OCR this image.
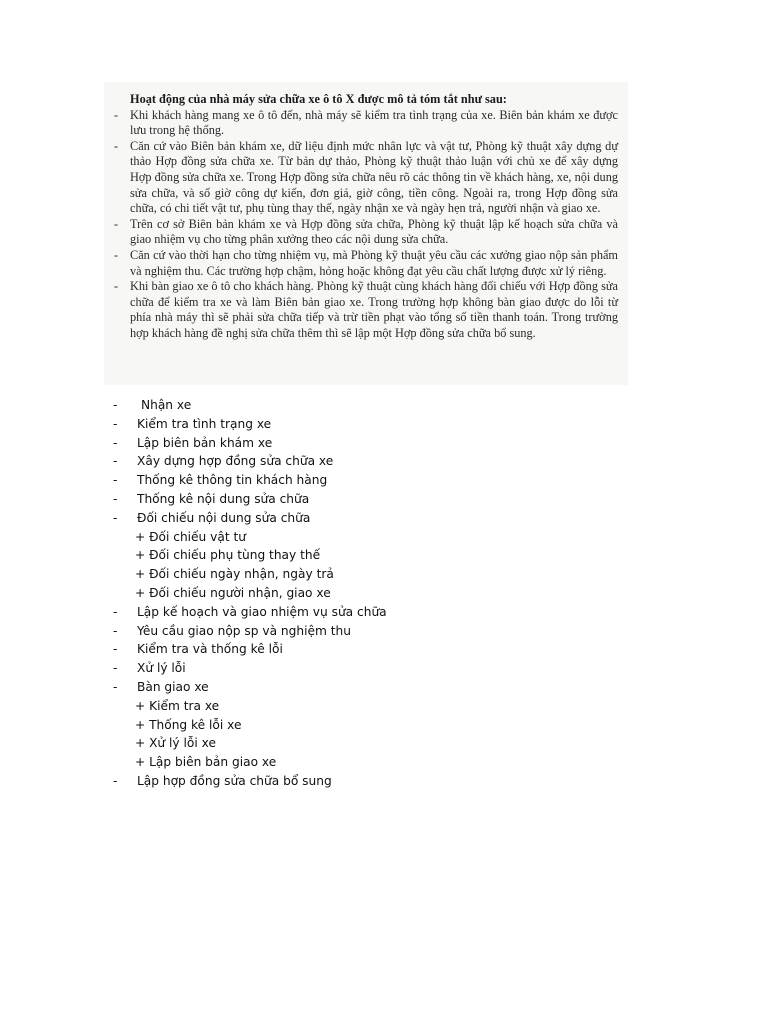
Hoạt động của nhà máy sửa chữa xe ô tô X được mô tả tóm tắt như sau:
- Khi khách hàng mang xe ô tô đến, nhà máy sẽ kiểm tra tình trạng của xe. Biên bản khám xe được lưu trong hệ thống.
- Căn cứ vào Biên bản khám xe, dữ liệu định mức nhân lực và vật tư, Phòng kỹ thuật xây dựng dự thảo Hợp đồng sửa chữa xe. Từ bản dự thảo, Phòng kỹ thuật thảo luận với chủ xe để xây dựng Hợp đồng sửa chữa xe. Trong Hợp đồng sửa chữa nêu rõ các thông tin về khách hàng, xe, nội dung sửa chữa, và số giờ công dự kiến, đơn giá, giờ công, tiền công. Ngoài ra, trong Hợp đồng sửa chữa, có chi tiết vật tư, phụ tùng thay thế, ngày nhận xe và ngày hẹn trả, người nhận và giao xe.
- Trên cơ sở Biên bản khám xe và Hợp đồng sửa chữa, Phòng kỹ thuật lập kế hoạch sửa chữa và giao nhiệm vụ cho từng phân xưởng theo các nội dung sửa chữa.
- Căn cứ vào thời hạn cho từng nhiệm vụ, mà Phòng kỹ thuật yêu cầu các xưởng giao nộp sản phẩm và nghiệm thu. Các trường hợp chậm, hỏng hoặc không đạt yêu cầu chất lượng được xử lý riêng.
- Khi bàn giao xe ô tô cho khách hàng. Phòng kỹ thuật cùng khách hàng đối chiếu với Hợp đồng sửa chữa để kiểm tra xe và làm Biên bản giao xe. Trong trường hợp không bàn giao được do lỗi từ phía nhà máy thì sẽ phải sửa chữa tiếp và trừ tiền phạt vào tổng số tiền thanh toán. Trong trường hợp khách hàng đề nghị sửa chữa thêm thì sẽ lập một Hợp đồng sửa chữa bổ sung.
- Nhận xe
- Kiểm tra tình trạng xe
- Lập biên bản khám xe
- Xây dựng hợp đồng sửa chữa xe
- Thống kê thông tin khách hàng
- Thống kê nội dung sửa chữa
- Đối chiếu nội dung sửa chữa
+ Đối chiếu vật tư
+ Đối chiếu phụ tùng thay thế
+ Đối chiếu ngày nhận, ngày trả
+ Đối chiếu người nhận, giao xe
- Lập kế hoạch và giao nhiệm vụ sửa chữa
- Yêu cầu giao nộp sp và nghiệm thu
- Kiểm tra và thống kê lỗi
- Xử lý lỗi
- Bàn giao xe
+ Kiểm tra xe
+ Thống kê lỗi xe
+ Xử lý lỗi xe
+ Lập biên bản giao xe
- Lập hợp đồng sửa chữa bổ sung
